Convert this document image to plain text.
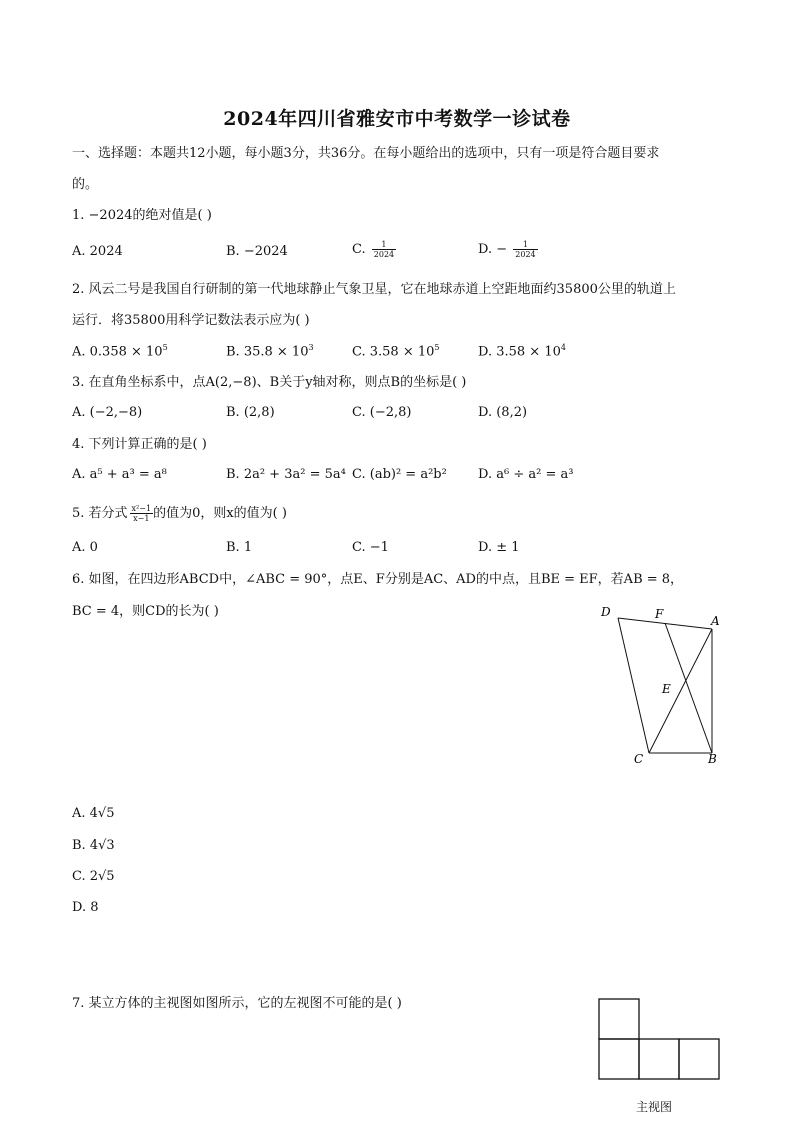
2024年四川省雅安市中考数学一诊试卷
一、选择题：本题共12小题，每小题3分，共36分。在每小题给出的选项中，只有一项是符合题目要求
的。
1. −2024的绝对值是( )
A. 2024	B. −2024	C. $\frac{1}{2024}$	D. − $\frac{1}{2024}$
2. 风云二号是我国自行研制的第一代地球静止气象卫星，它在地球赤道上空距地面约35800公里的轨道上
运行．将35800用科学记数法表示应为( )
A. $0.358 \times 10^5$	B. $35.8 \times 10^3$	C. $3.58 \times 10^5$	D. $3.58 \times 10^4$
3. 在直角坐标系中，点A(2,−8)、B关于y轴对称，则点B的坐标是( )
A. (−2,−8)	B. (2,8)	C. (−2,8)	D. (8,2)
4. 下列计算正确的是( )
A. a⁵ + a³ = a⁸	B. 2a² + 3a² = 5a⁴ C. (ab)² = a²b² D. a⁶ ÷ a² = a³
5. 若分式 $\frac{\text{x²−1}}{x-1}$ 的值为0，则x的值为( )
A. 0	B. 1	C. −1	D. ± 1
6. 如图，在四边形ABCD中，∠ABC = 90°，点E、F分别是AC、AD的中点，且BE = EF，若AB = 8，
BC = 4，则CD的长为( )	D	F	A
E
C	B
A. 4√5
B. 4√3
C. 2√5
D. 8
7. 某立方体的主视图如图所示，它的左视图不可能的是( )
主视图
